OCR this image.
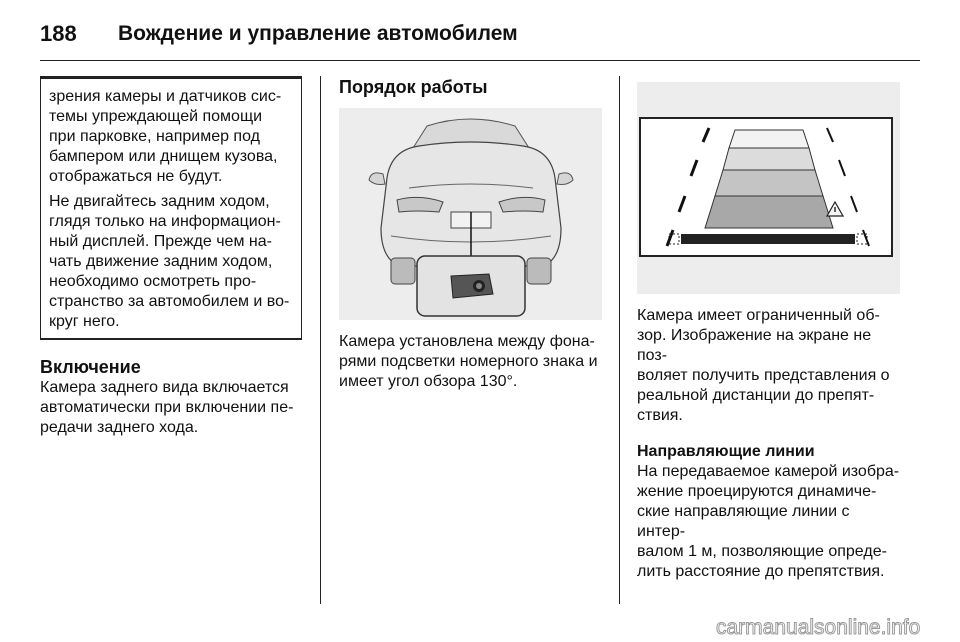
188	Вождение и управление автомобилем

зрения камеры и датчиков сис-
темы упреждающей помощи
при парковке, например под
бампером или днищем кузова,
отображаться не будут.

Не двигайтесь задним ходом,
глядя только на информацион-
ный дисплей. Прежде чем на-
чать движение задним ходом,
необходимо осмотреть про-
странство за автомобилем и во-
круг него.

Включение

Камера заднего вида включается
автоматически при включении пе-
редачи заднего хода.

Порядок работы

Камера установлена между фона-
рями подсветки номерного знака и
имеет угол обзора 130°.

Камера имеет ограниченный об-
зор. Изображение на экране не поз-
воляет получить представления о
реальной дистанции до препят-
ствия.

Направляющие линии

На передаваемое камерой изобра-
жение проецируются динамиче-
ские направляющие линии с интер-
валом 1 м, позволяющие опреде-
лить расстояние до препятствия.

carmanualsonline.info
